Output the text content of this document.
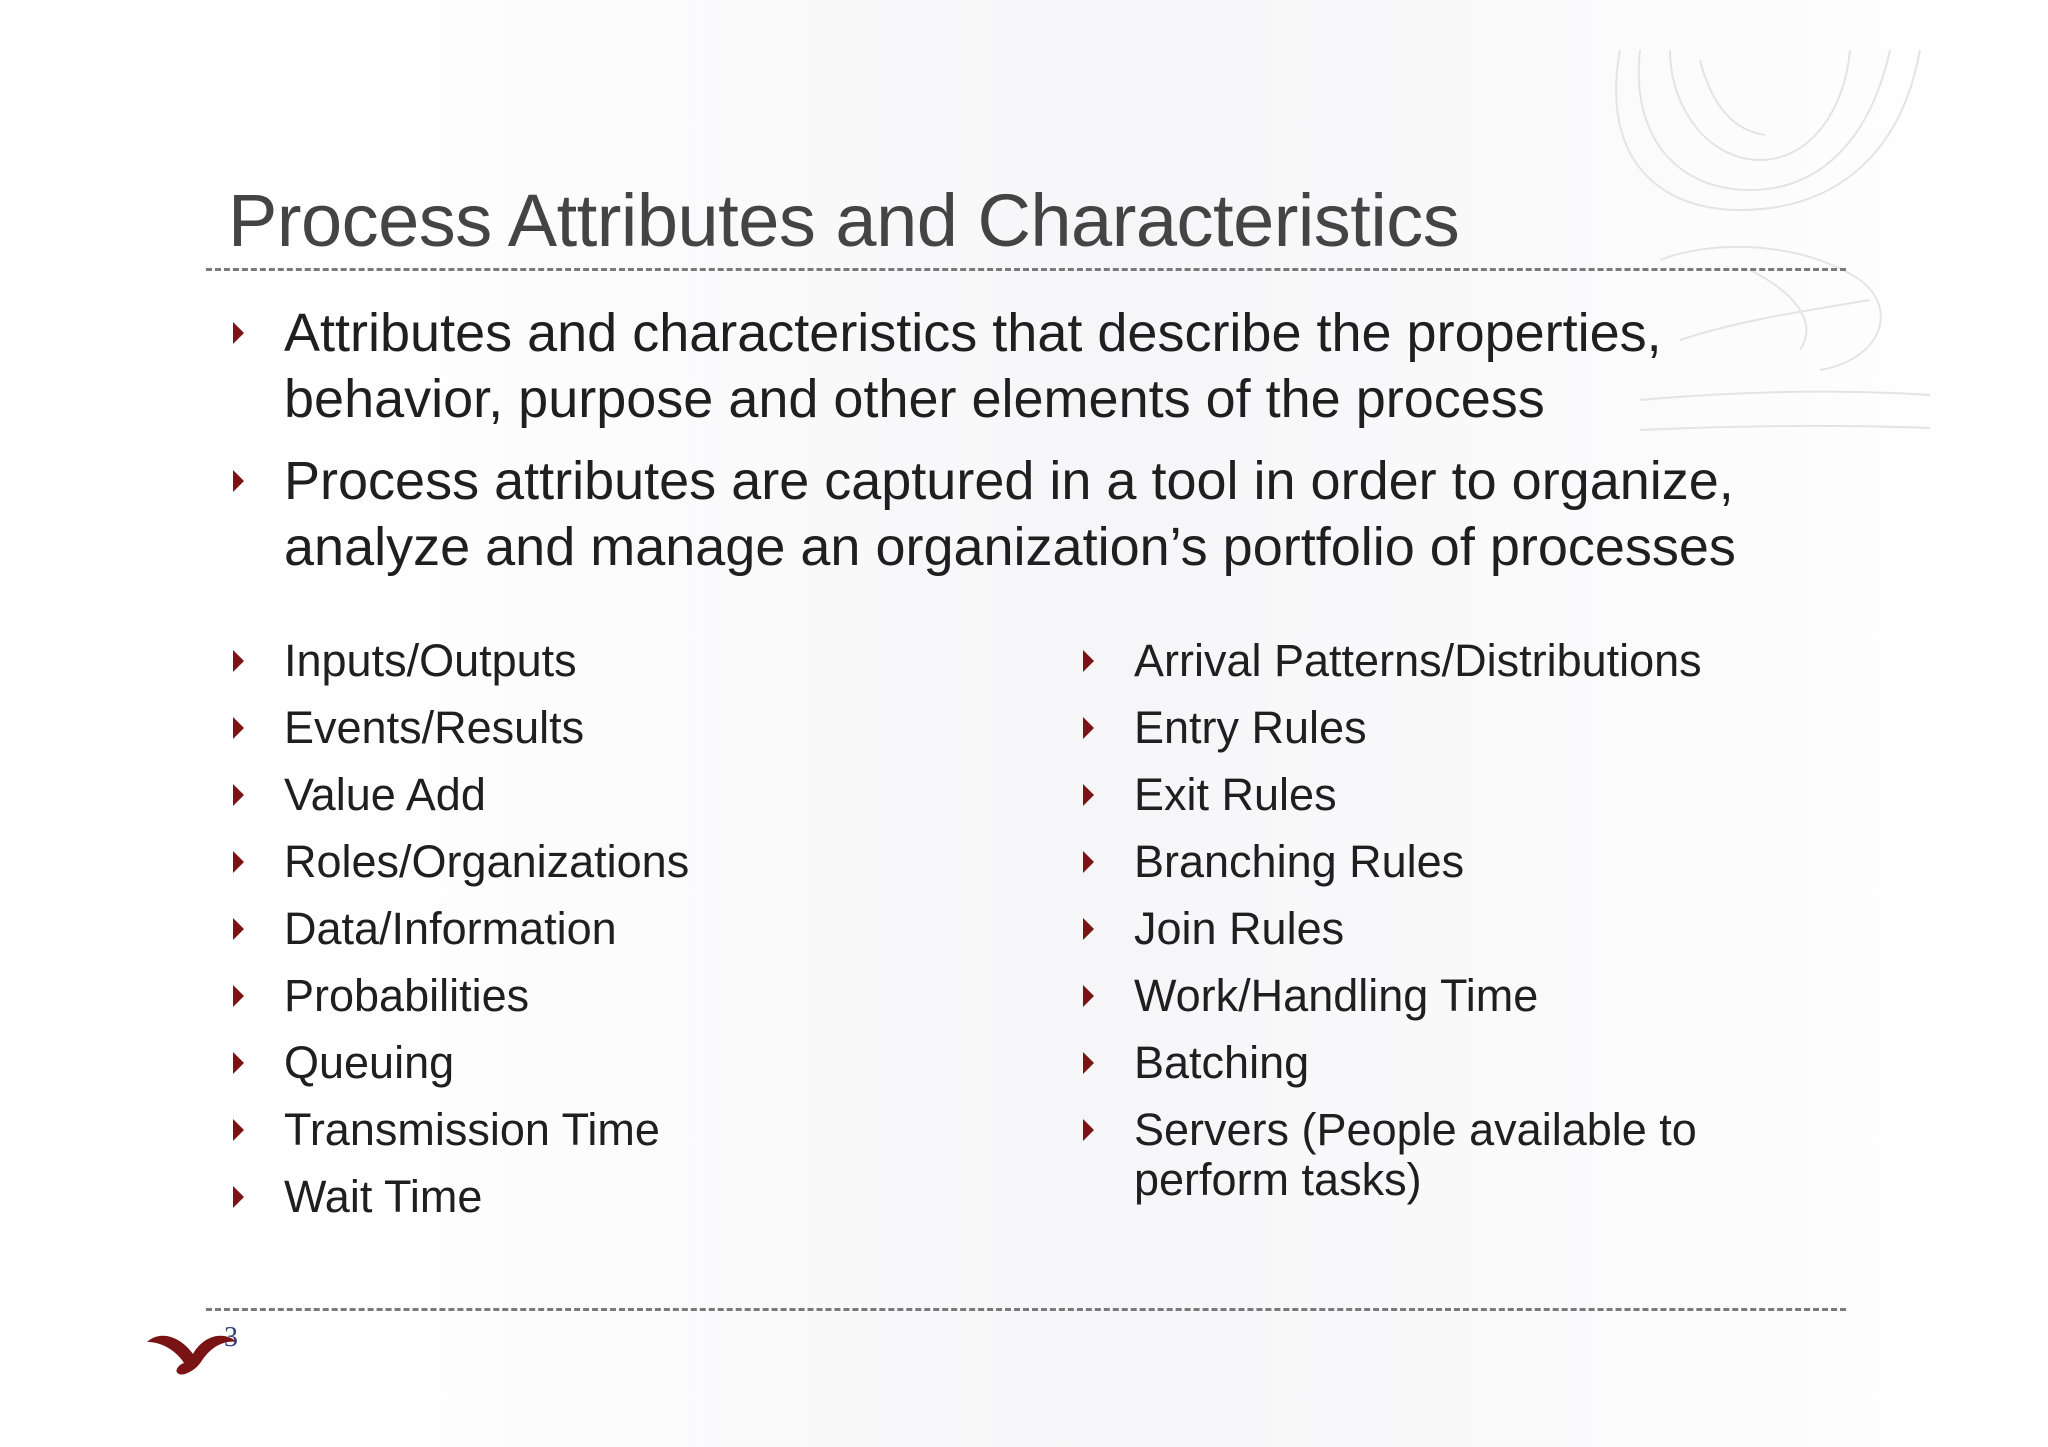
Process Attributes and Characteristics
Attributes and characteristics that describe the properties,
behavior, purpose and other elements of the process
Process attributes are captured in a tool in order to organize,
analyze and manage an organization’s portfolio of processes
Inputs/Outputs
Events/Results
Value Add
Roles/Organizations
Data/Information
Probabilities
Queuing
Transmission Time
Wait Time
Arrival Patterns/Distributions
Entry Rules
Exit Rules
Branching Rules
Join Rules
Work/Handling Time
Batching
Servers (People available to
perform tasks)
3
